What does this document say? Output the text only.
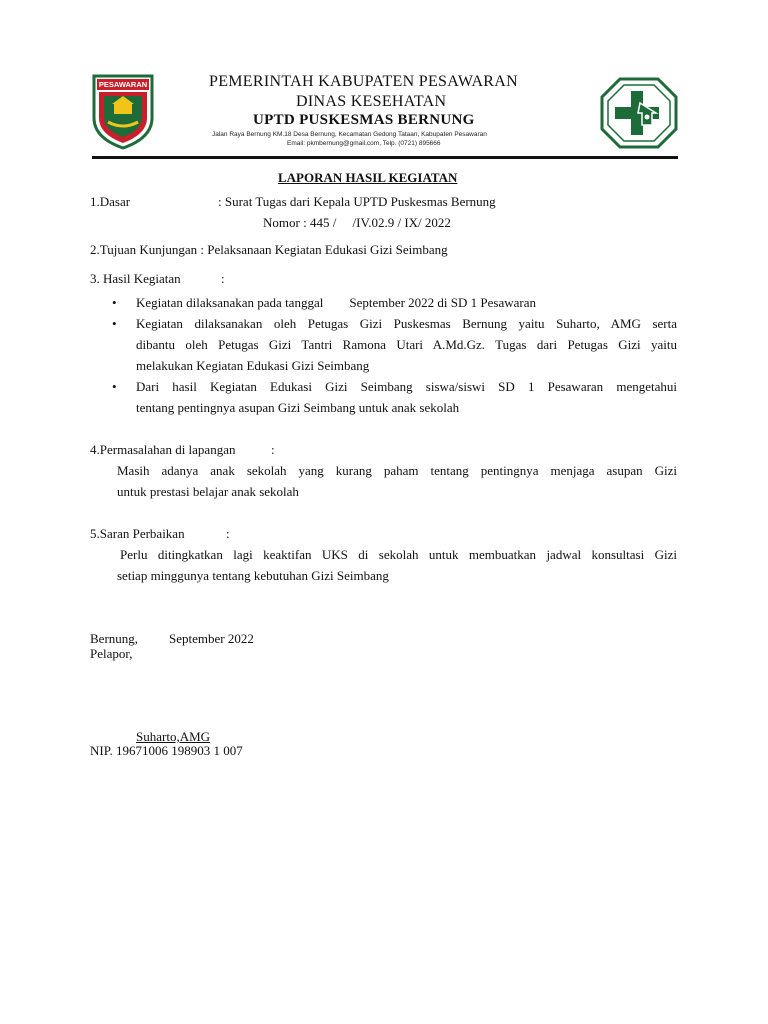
PESAWARAN	PEMERINTAH KABUPATEN PESAWARAN
DINAS KESEHATAN
UPTD PUSKESMAS BERNUNG
Jalan Raya Bernung KM.18 Desa Bernung, Kecamatan Gedong Tataan, Kabupaten Pesawaran
Email: pkmbernung@gmail.com, Telp. (0721) 895666
LAPORAN HASIL KEGIATAN
1.Dasar	: Surat Tugas dari Kepala UPTD Puskesmas Bernung
Nomor : 445 /     /IV.02.9 / IX/ 2022
2.Tujuan Kunjungan : Pelaksanaan Kegiatan Edukasi Gizi Seimbang
3. Hasil Kegiatan	:
• Kegiatan dilaksanakan pada tanggal        September 2022 di SD 1 Pesawaran
• Kegiatan dilaksanakan oleh Petugas Gizi Puskesmas Bernung yaitu Suharto, AMG serta
dibantu oleh Petugas Gizi Tantri Ramona Utari A.Md.Gz. Tugas dari Petugas Gizi yaitu
melakukan Kegiatan Edukasi Gizi Seimbang
• Dari hasil Kegiatan Edukasi Gizi Seimbang siswa/siswi SD 1 Pesawaran mengetahui
tentang pentingnya asupan Gizi Seimbang untuk anak sekolah
4.Permasalahan di lapangan	:
Masih adanya anak sekolah yang kurang paham tentang pentingnya menjaga asupan Gizi
untuk prestasi belajar anak sekolah
5.Saran Perbaikan	:
Perlu ditingkatkan lagi keaktifan UKS di sekolah untuk membuatkan jadwal konsultasi Gizi
setiap minggunya tentang kebutuhan Gizi Seimbang
Bernung, September 2022
Pelapor,
Suharto,AMG
NIP. 19671006 198903 1 007
